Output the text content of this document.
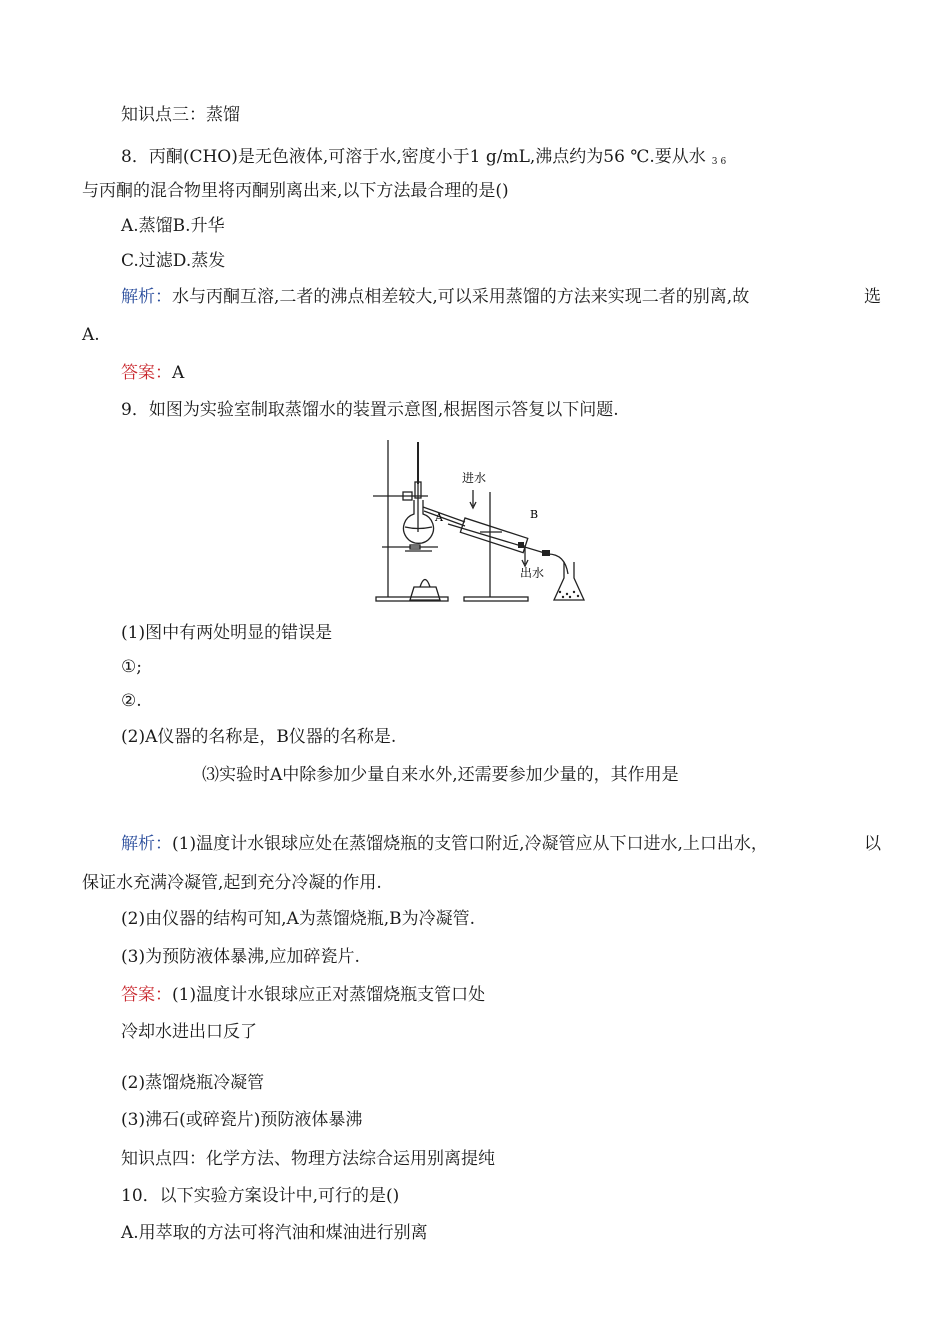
知识点三：蒸馏
8．丙酮(CHO)是无色液体,可溶于水,密度小于1 g/mL,沸点约为56 ℃.要从水 $_{36}$
与丙酮的混合物里将丙酮别离出来,以下方法最合理的是()
A.蒸馏B.升华
C.过滤D.蒸发
解析：水与丙酮互溶,二者的沸点相差较大,可以采用蒸馏的方法来实现二者的别离,故	选
A.
答案：A
9．如图为实验室制取蒸馏水的装置示意图,根据图示答复以下问题.
进水
出水
A	B
(1)图中有两处明显的错误是
①;
②.
(2)A仪器的名称是，B仪器的名称是.
⑶实验时A中除参加少量自来水外,还需要参加少量的，其作用是
解析：(1)温度计水银球应处在蒸馏烧瓶的支管口附近,冷凝管应从下口进水,上口出水，	以
保证水充满冷凝管,起到充分冷凝的作用.
(2)由仪器的结构可知,A为蒸馏烧瓶,B为冷凝管.
(3)为预防液体暴沸,应加碎瓷片.
答案：(1)温度计水银球应正对蒸馏烧瓶支管口处
冷却水进出口反了
(2)蒸馏烧瓶冷凝管
(3)沸石(或碎瓷片)预防液体暴沸
知识点四：化学方法、物理方法综合运用别离提纯
10．以下实验方案设计中,可行的是()
A.用萃取的方法可将汽油和煤油进行别离
